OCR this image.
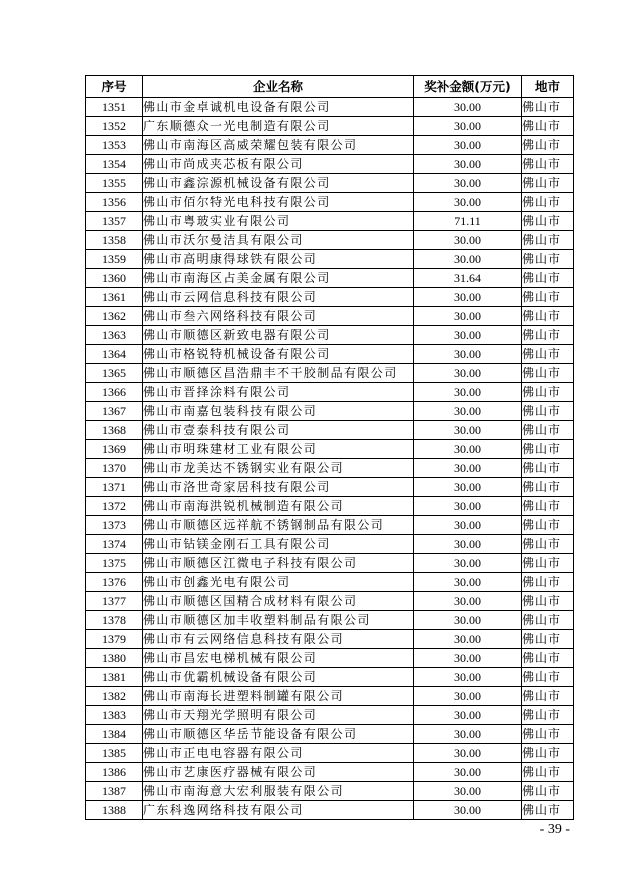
序号	企业名称	奖补金额(万元)	地市
1351	佛山市金卓诚机电设备有限公司	30.00	佛山市
1352	广东顺德众一光电制造有限公司	30.00	佛山市
1353	佛山市南海区高威荣耀包装有限公司	30.00	佛山市
1354	佛山市尚成夹芯板有限公司	30.00	佛山市
1355	佛山市鑫淙源机械设备有限公司	30.00	佛山市
1356	佛山市佰尔特光电科技有限公司	30.00	佛山市
1357	佛山市粤玻实业有限公司	71.11	佛山市
1358	佛山市沃尔曼洁具有限公司	30.00	佛山市
1359	佛山市高明康得球铁有限公司	30.00	佛山市
1360	佛山市南海区占美金属有限公司	31.64	佛山市
1361	佛山市云网信息科技有限公司	30.00	佛山市
1362	佛山市叁六网络科技有限公司	30.00	佛山市
1363	佛山市顺德区新致电器有限公司	30.00	佛山市
1364	佛山市格锐特机械设备有限公司	30.00	佛山市
1365	佛山市顺德区昌浩鼎丰不干胶制品有限公司	30.00	佛山市
1366	佛山市晋择涂料有限公司	30.00	佛山市
1367	佛山市南嘉包装科技有限公司	30.00	佛山市
1368	佛山市壹泰科技有限公司	30.00	佛山市
1369	佛山市明珠建材工业有限公司	30.00	佛山市
1370	佛山市龙美达不锈钢实业有限公司	30.00	佛山市
1371	佛山市洛世奇家居科技有限公司	30.00	佛山市
1372	佛山市南海洪锐机械制造有限公司	30.00	佛山市
1373	佛山市顺德区远祥航不锈钢制品有限公司	30.00	佛山市
1374	佛山市钻镁金刚石工具有限公司	30.00	佛山市
1375	佛山市顺德区江微电子科技有限公司	30.00	佛山市
1376	佛山市创鑫光电有限公司	30.00	佛山市
1377	佛山市顺德区国精合成材料有限公司	30.00	佛山市
1378	佛山市顺德区加丰收塑料制品有限公司	30.00	佛山市
1379	佛山市有云网络信息科技有限公司	30.00	佛山市
1380	佛山市昌宏电梯机械有限公司	30.00	佛山市
1381	佛山市优霸机械设备有限公司	30.00	佛山市
1382	佛山市南海长进塑料制罐有限公司	30.00	佛山市
1383	佛山市天翔光学照明有限公司	30.00	佛山市
1384	佛山市顺德区华岳节能设备有限公司	30.00	佛山市
1385	佛山市正电电容器有限公司	30.00	佛山市
1386	佛山市艺康医疗器械有限公司	30.00	佛山市
1387	佛山市南海意大宏利服装有限公司	30.00	佛山市
1388	广东科逸网络科技有限公司	30.00	佛山市
- 39 -
